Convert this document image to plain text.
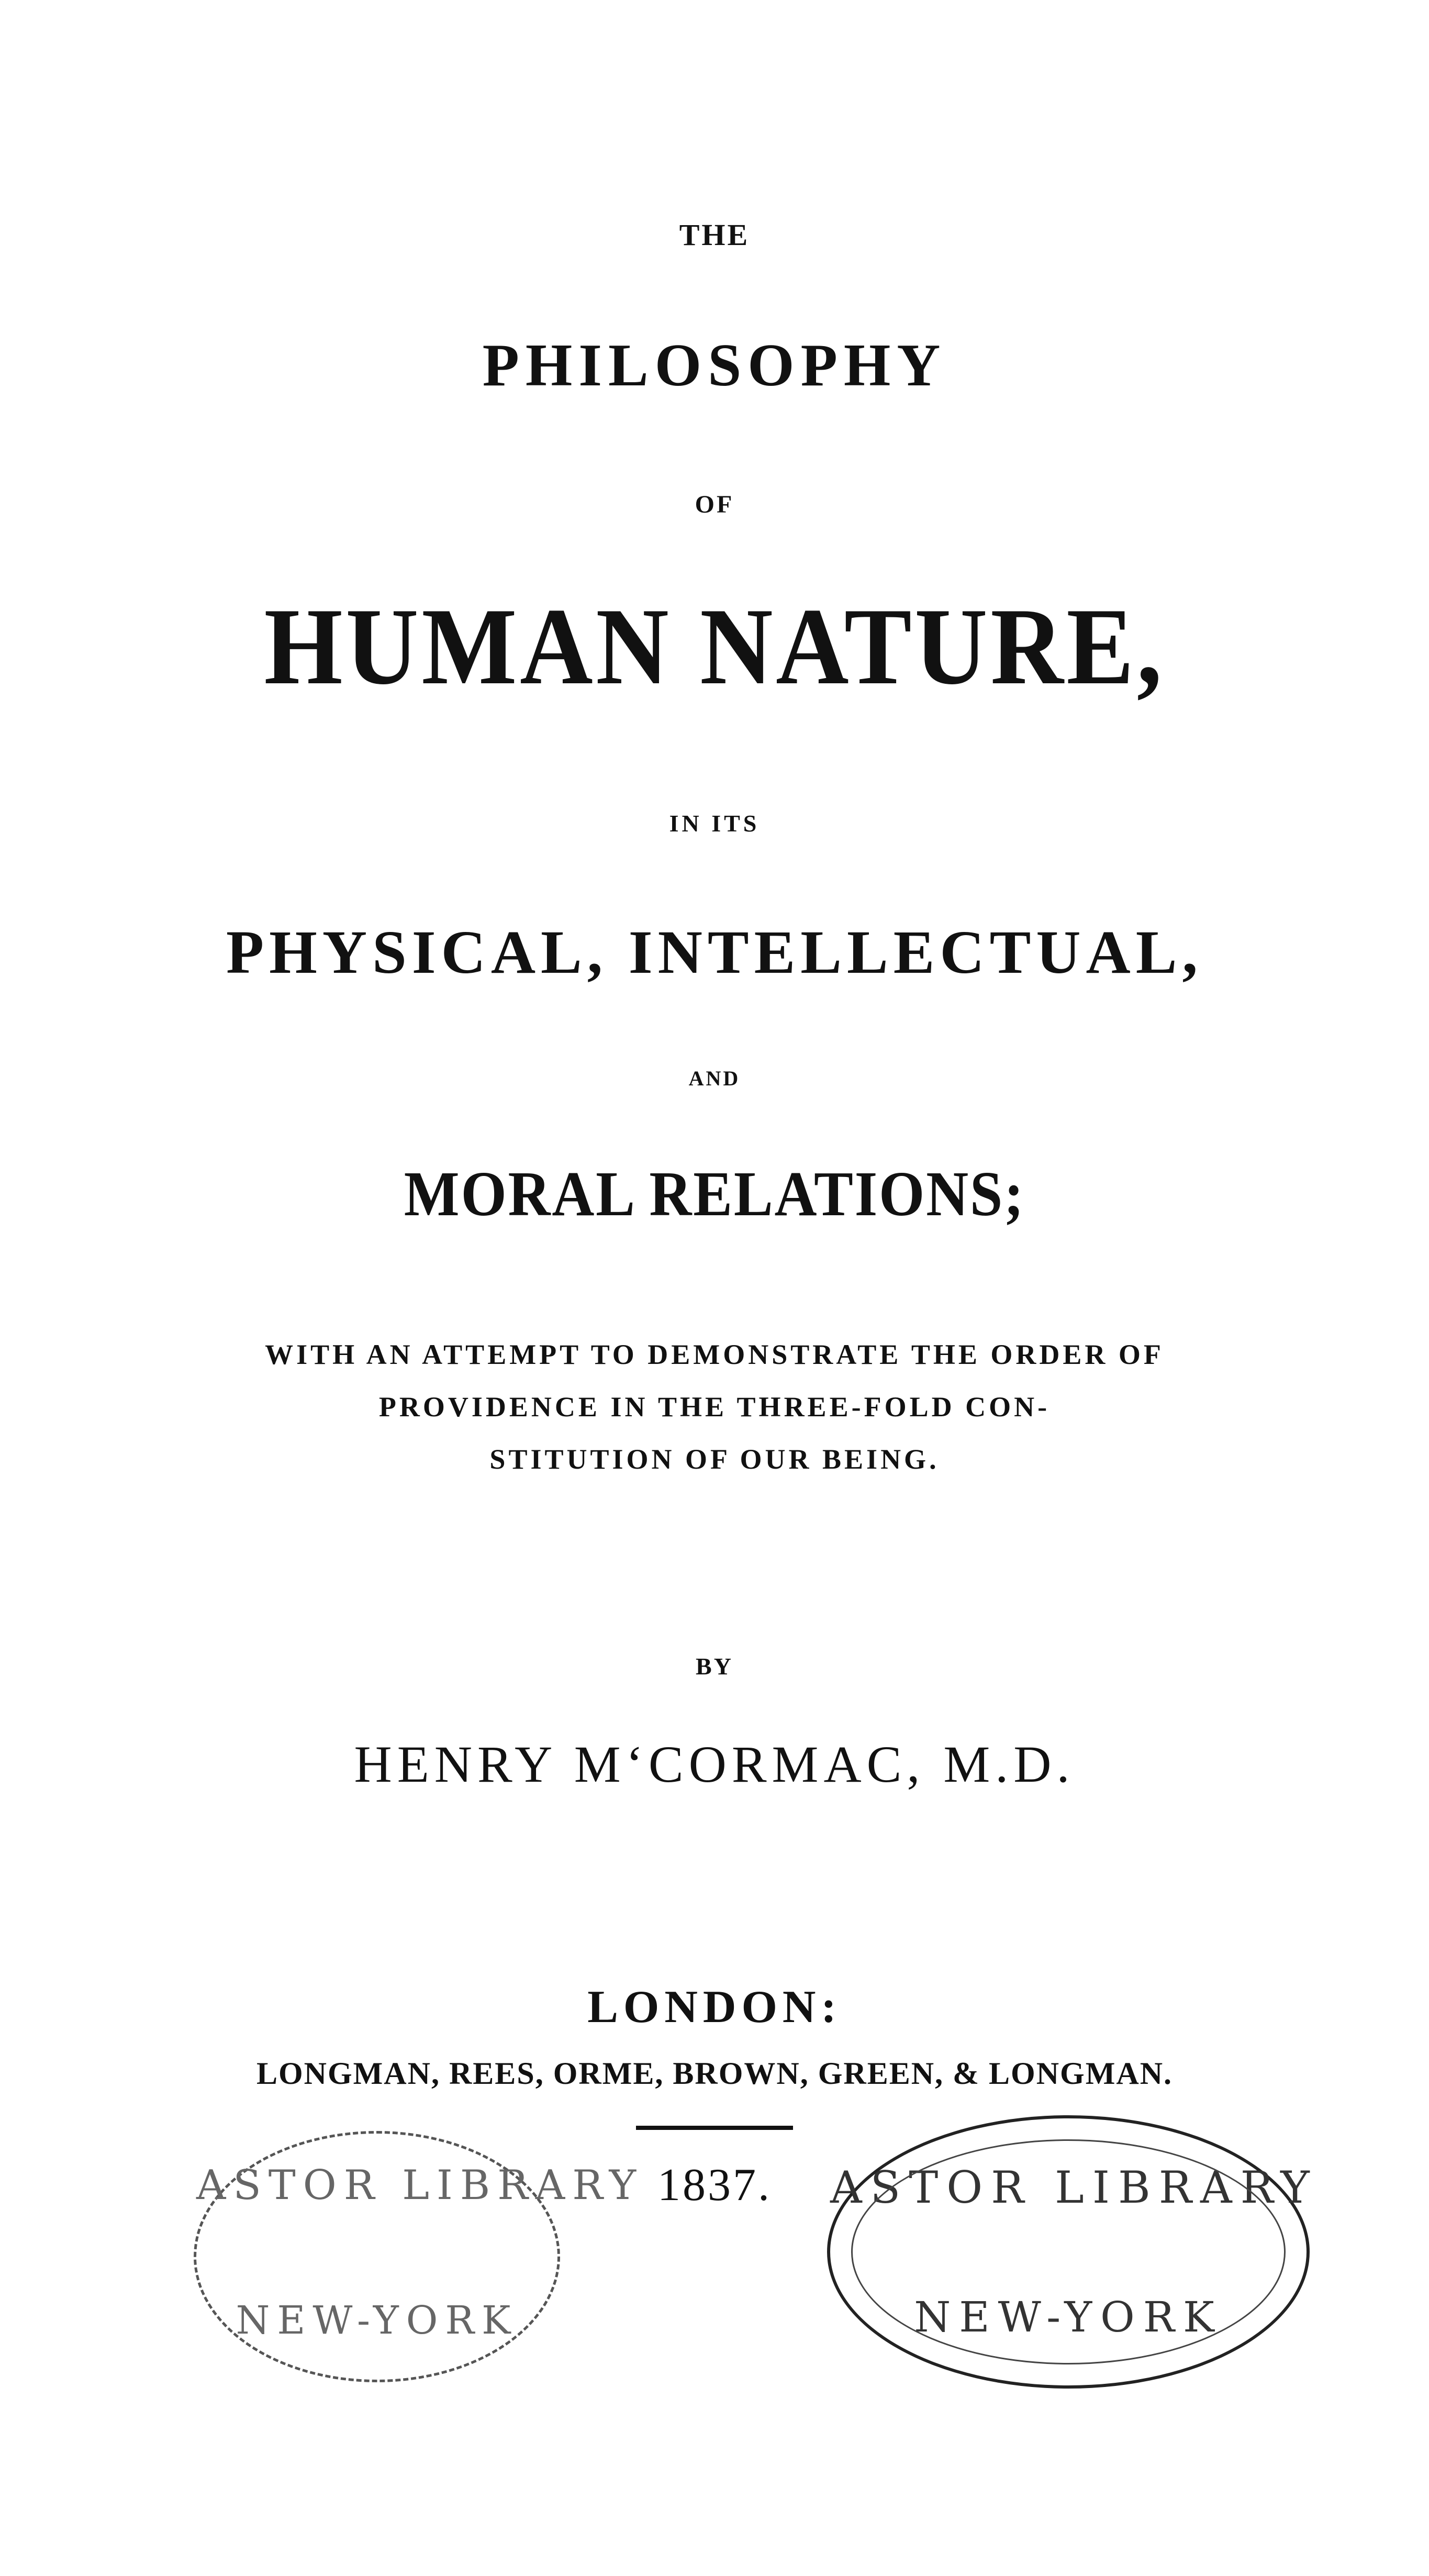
THE
PHILOSOPHY
OF
HUMAN NATURE,
IN ITS
PHYSICAL, INTELLECTUAL,
AND
MORAL RELATIONS;
WITH AN ATTEMPT TO DEMONSTRATE THE ORDER OF
PROVIDENCE IN THE THREE-FOLD CON-
STITUTION OF OUR BEING.
BY
HENRY M‘CORMAC, M.D.
LONDON:
LONGMAN, REES, ORME, BROWN, GREEN, & LONGMAN.
1837.
ASTOR LIBRARY
NEW-YORK
ASTOR LIBRARY
NEW-YORK
